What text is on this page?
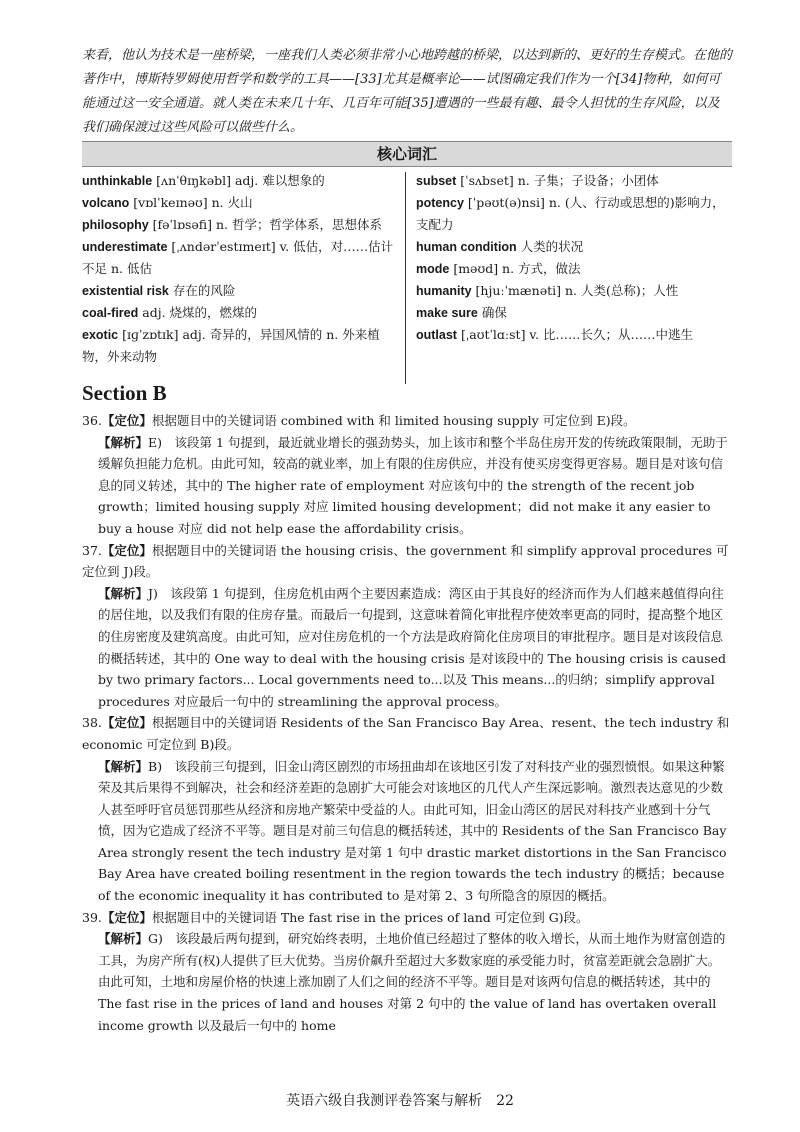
来看，他认为技术是一座桥梁，一座我们人类必须非常小心地跨越的桥梁，以达到新的、更好的生存模式。在他的著作中，博斯特罗姆使用哲学和数学的工具——[33]尤其是概率论——试图确定我们作为一个[34]物种，如何可能通过这一安全通道。就人类在未来几十年、几百年可能[35]遭遇的一些最有趣、最令人担忧的生存风险，以及我们确保渡过这些风险可以做些什么。

核心词汇

unthinkable [ʌnˈθɪŋkəbl] adj. 难以想象的

volcano [vɒlˈkeɪnəʊ] n. 火山

philosophy [fəˈlɒsəfi] n. 哲学；哲学体系，思想体系

underestimate [ˌʌndərˈestɪmeɪt] v. 低估，对……估计不足 n. 低估

existential risk 存在的风险

coal-fired adj. 烧煤的，燃煤的

exotic [ɪɡˈzɒtɪk] adj. 奇异的，异国风情的 n. 外来植物，外来动物

subset [ˈsʌbset] n. 子集；子设备；小团体

potency [ˈpəʊt(ə)nsi] n. (人、行动或思想的)影响力，支配力

human condition 人类的状况

mode [məʊd] n. 方式，做法

humanity [hjuːˈmænəti] n. 人类(总称)；人性

make sure 确保

outlast [ˌaʊtˈlɑːst] v. 比……长久；从……中逃生

Section B

36.【定位】根据题目中的关键词语 combined with 和 limited housing supply 可定位到 E)段。

【解析】E)　该段第 1 句提到，最近就业增长的强劲势头，加上该市和整个半岛住房开发的传统政策限制，无助于缓解负担能力危机。由此可知，较高的就业率，加上有限的住房供应，并没有使买房变得更容易。题目是对该句信息的同义转述，其中的 The higher rate of employment 对应该句中的 the strength of the recent job growth；limited housing supply 对应 limited housing development；did not make it any easier to buy a house 对应 did not help ease the affordability crisis。

37.【定位】根据题目中的关键词语 the housing crisis、the government 和 simplify approval procedures 可定位到 J)段。

【解析】J)　该段第 1 句提到，住房危机由两个主要因素造成：湾区由于其良好的经济而作为人们越来越值得向往的居住地，以及我们有限的住房存量。而最后一句提到，这意味着简化审批程序使效率更高的同时，提高整个地区的住房密度及建筑高度。由此可知，应对住房危机的一个方法是政府简化住房项目的审批程序。题目是对该段信息的概括转述，其中的 One way to deal with the housing crisis 是对该段中的 The housing crisis is caused by two primary factors... Local governments need to...以及 This means...的归纳；simplify approval procedures 对应最后一句中的 streamlining the approval process。

38.【定位】根据题目中的关键词语 Residents of the San Francisco Bay Area、resent、the tech industry 和 economic 可定位到 B)段。

【解析】B)　该段前三句提到，旧金山湾区剧烈的市场扭曲却在该地区引发了对科技产业的强烈愤恨。如果这种繁荣及其后果得不到解决，社会和经济差距的急剧扩大可能会对该地区的几代人产生深远影响。激烈表达意见的少数人甚至呼吁官员惩罚那些从经济和房地产繁荣中受益的人。由此可知，旧金山湾区的居民对科技产业感到十分气愤，因为它造成了经济不平等。题目是对前三句信息的概括转述，其中的 Residents of the San Francisco Bay Area strongly resent the tech industry 是对第 1 句中 drastic market distortions in the San Francisco Bay Area have created boiling resentment in the region towards the tech industry 的概括；because of the economic inequality it has contributed to 是对第 2、3 句所隐含的原因的概括。

39.【定位】根据题目中的关键词语 The fast rise in the prices of land 可定位到 G)段。

【解析】G)　该段最后两句提到，研究始终表明，土地价值已经超过了整体的收入增长，从而土地作为财富创造的工具，为房产所有(权)人提供了巨大优势。当房价飙升至超过大多数家庭的承受能力时，贫富差距就会急剧扩大。由此可知，土地和房屋价格的快速上涨加剧了人们之间的经济不平等。题目是对该两句信息的概括转述，其中的 The fast rise in the prices of land and houses 对第 2 句中的 the value of land has overtaken overall income growth 以及最后一句中的 home

英语六级自我测评卷答案与解析　22
